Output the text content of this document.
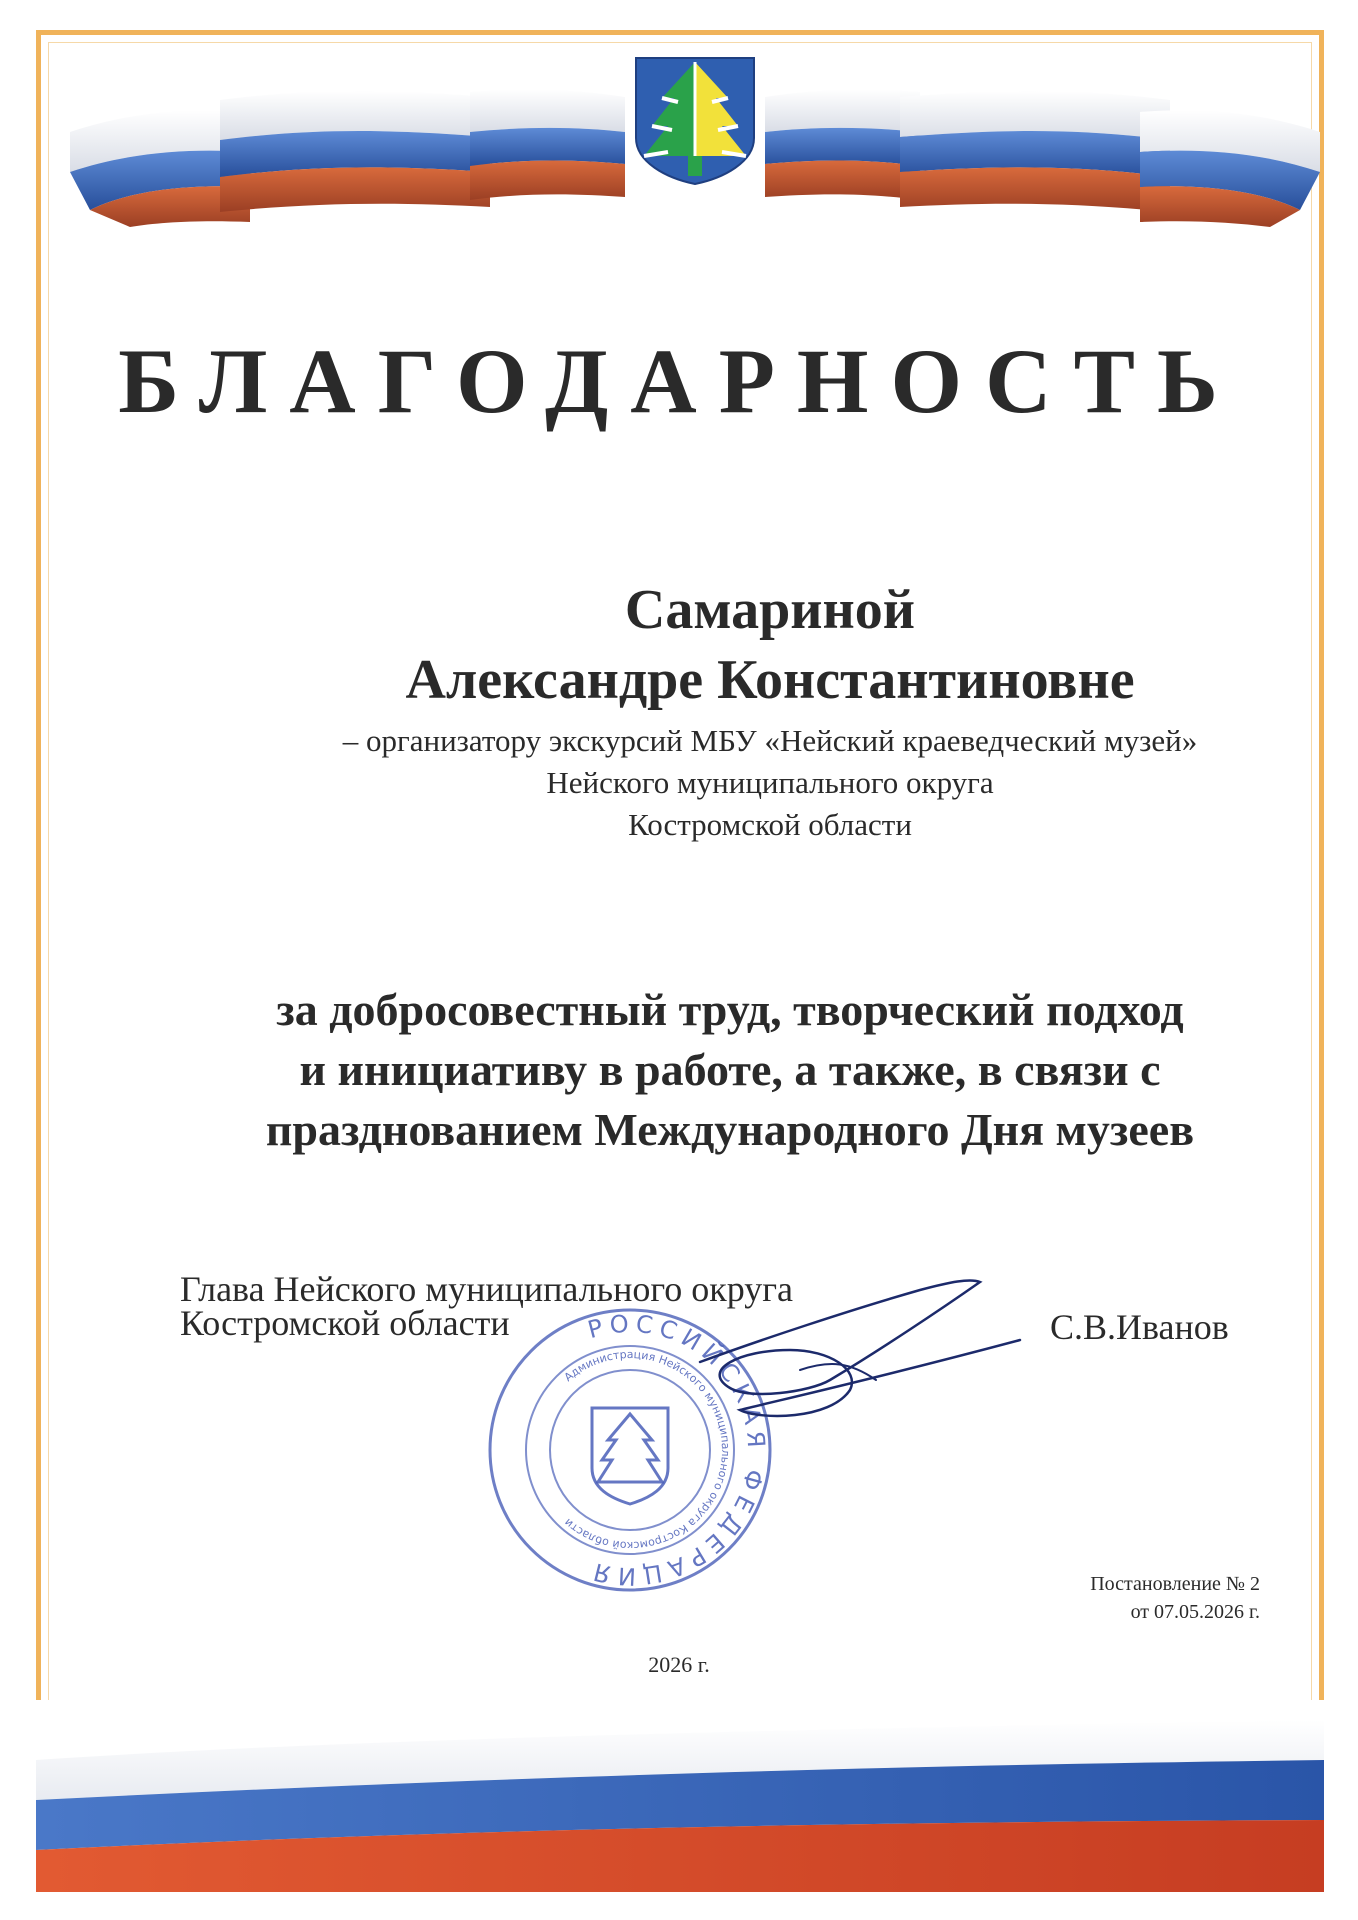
БЛАГОДАРНОСТЬ
Самариной
Александре Константиновне
– организатору экскурсий МБУ «Нейский краеведческий музей»
Нейского муниципального округа
Костромской области
за добросовестный труд, творческий подход
и инициативу в работе, а также, в связи с
празднованием Международного Дня музеев
Глава Нейского муниципального округа
Костромской области	С.В.Иванов
РОССИЙСКАЯ ФЕДЕРАЦИЯ
Администрация Нейского муниципального округа Костромской области
Постановление № 2
от 07.05.2026 г.
2026 г.
